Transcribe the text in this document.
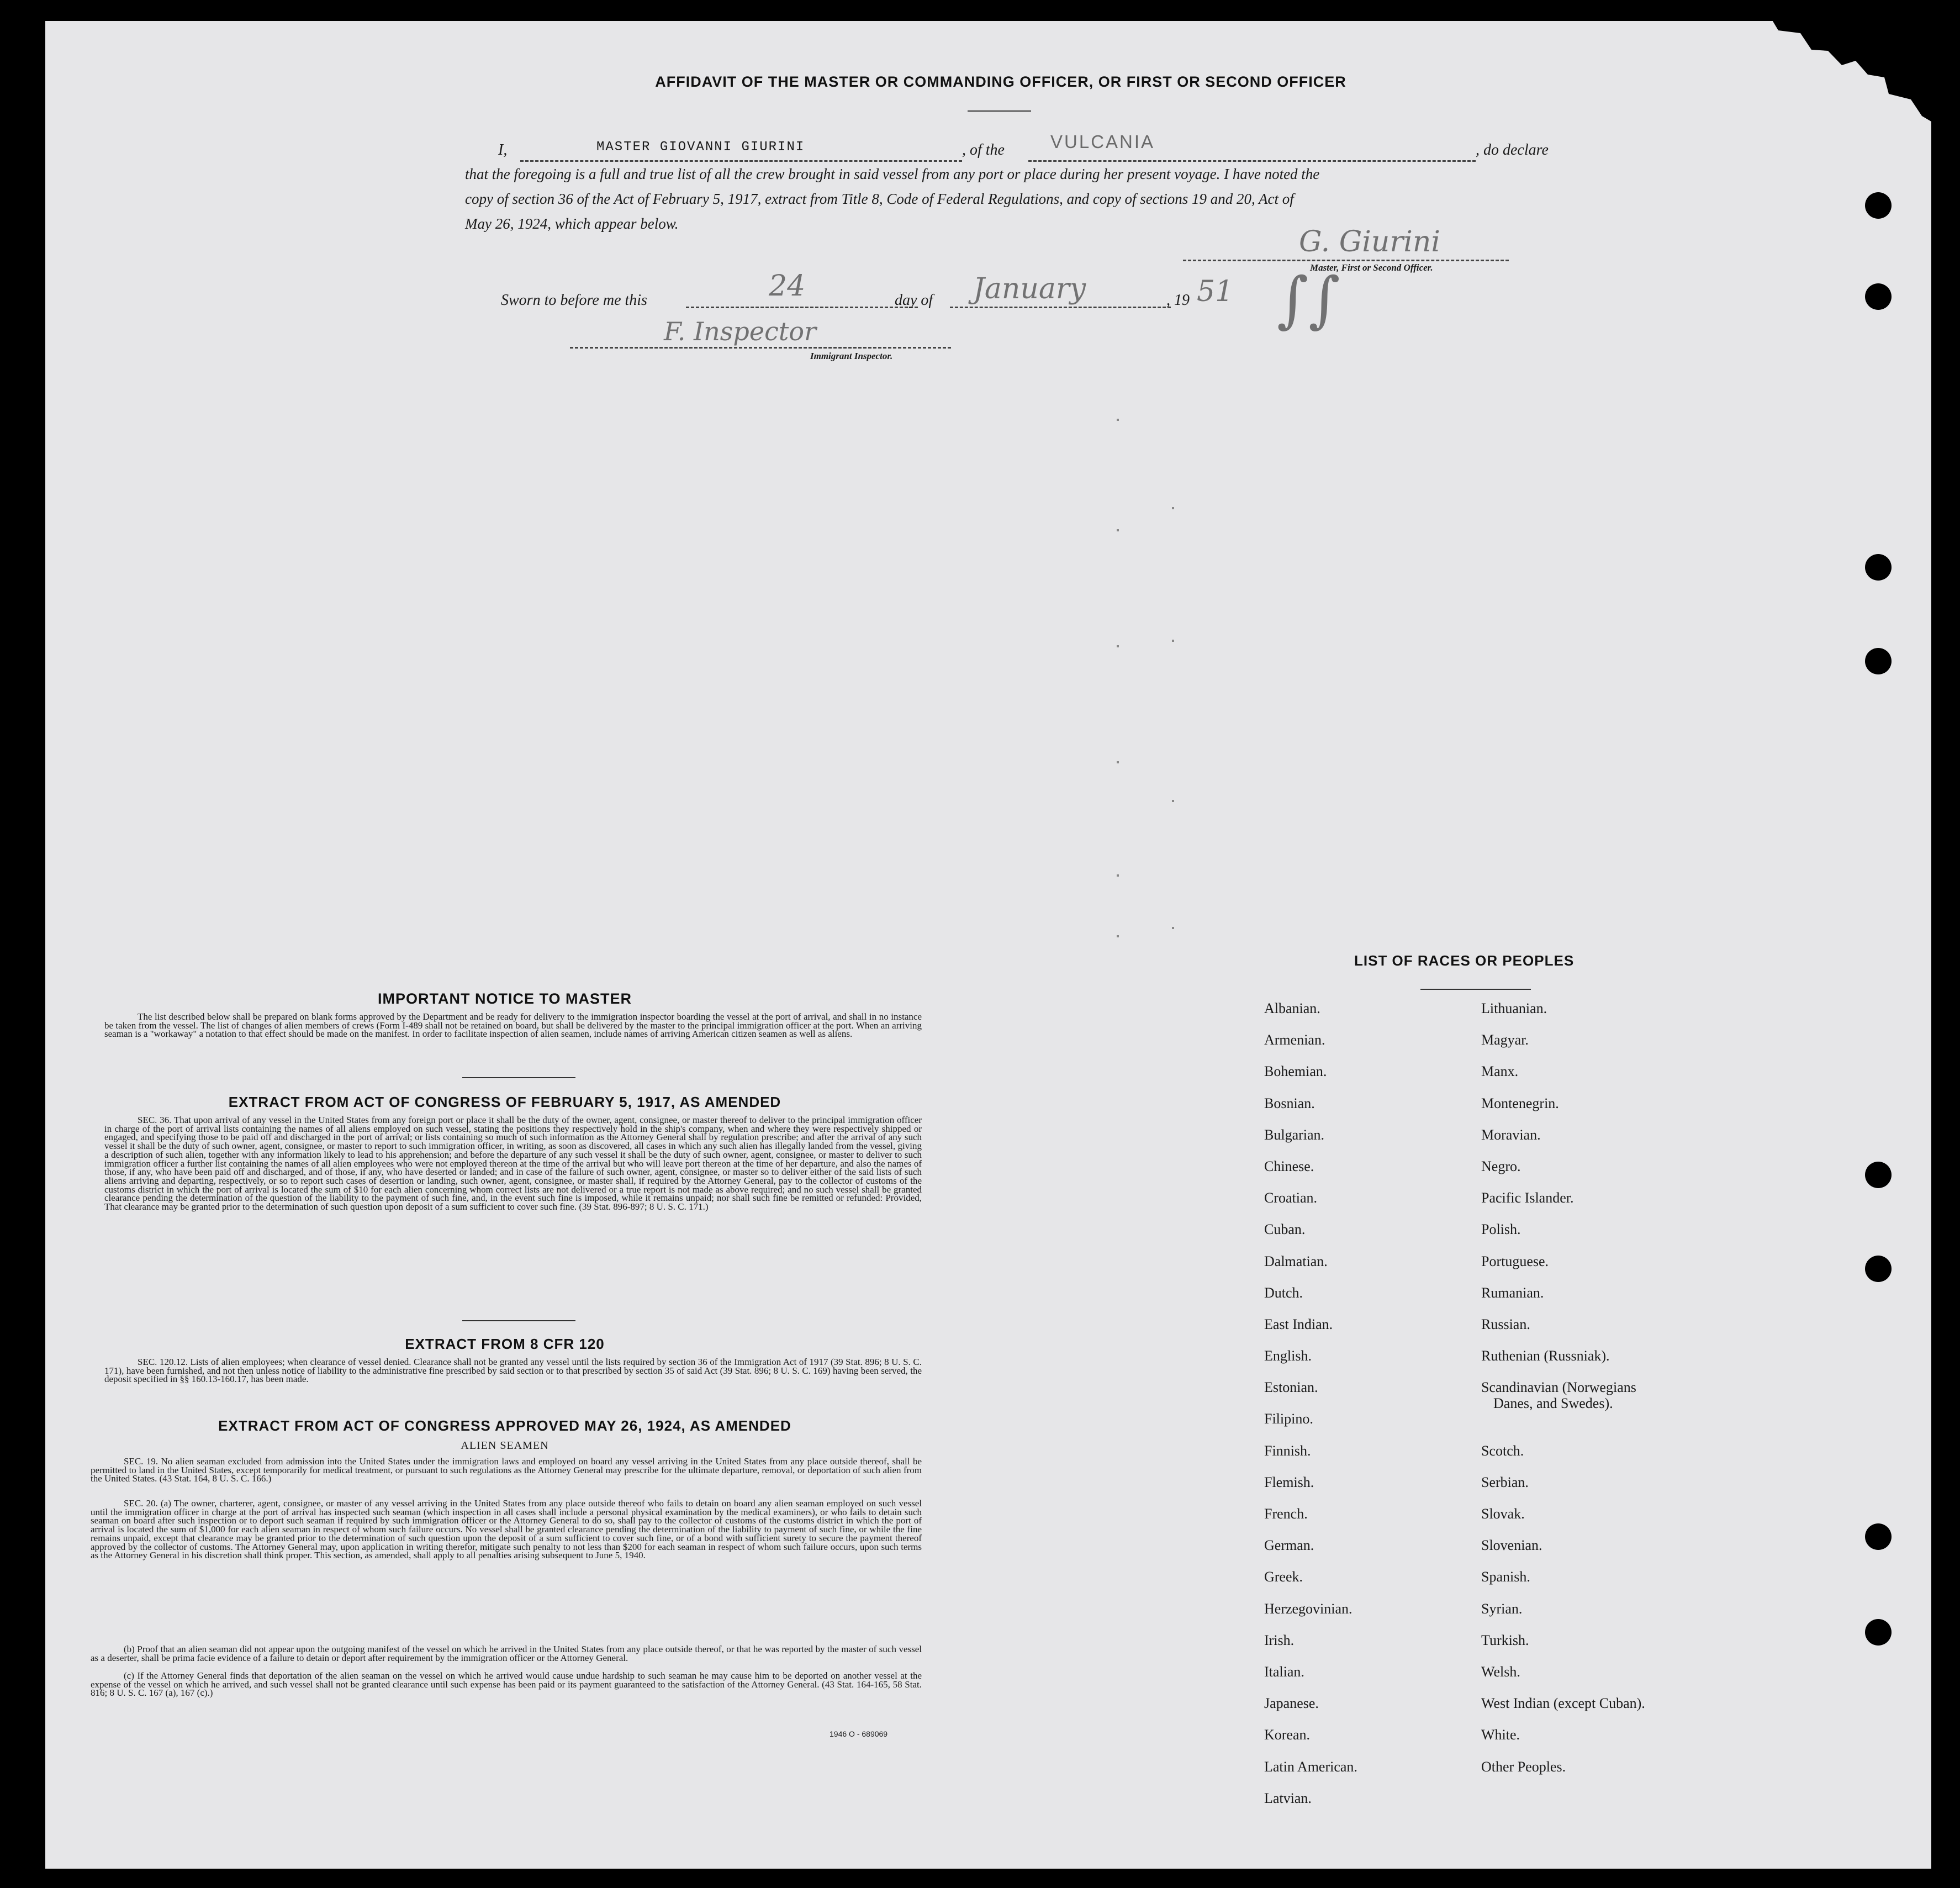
AFFIDAVIT OF THE MASTER OR COMMANDING OFFICER, OR FIRST OR SECOND OFFICER
I,	MASTER GIOVANNI GIURINI	, of the	VULCANIA	, do declare
that the foregoing is a full and true list of all the crew brought in said vessel from any port or place during her present voyage. I have noted the
copy of section 36 of the Act of February 5, 1917, extract from Title 8, Code of Federal Regulations, and copy of sections 19 and 20, Act of
May 26, 1924, which appear below.
G. Giurini
Master, First or Second Officer.
Sworn to before me this	24	day of January	, 19 51 ∫∫
F. Inspector
Immigrant Inspector.
IMPORTANT NOTICE TO MASTER
The list described below shall be prepared on blank forms approved by the Department and be ready for delivery to the immigration inspector boarding the vessel at the port of arrival, and shall in no instance be taken from the vessel. The list of changes of alien members of crews (Form I-489 shall not be retained on board, but shall be delivered by the master to the principal immigration officer at the port. When an arriving seaman is a "workaway" a notation to that effect should be made on the manifest. In order to facilitate inspection of alien seamen, include names of arriving American citizen seamen as well as aliens.
EXTRACT FROM ACT OF CONGRESS OF FEBRUARY 5, 1917, AS AMENDED
SEC. 36. That upon arrival of any vessel in the United States from any foreign port or place it shall be the duty of the owner, agent, consignee, or master thereof to deliver to the principal immigration officer in charge of the port of arrival lists containing the names of all aliens employed on such vessel, stating the positions they respectively hold in the ship's company, when and where they were respectively shipped or engaged, and specifying those to be paid off and discharged in the port of arrival; or lists containing so much of such information as the Attorney General shall by regulation prescribe; and after the arrival of any such vessel it shall be the duty of such owner, agent, consignee, or master to report to such immigration officer, in writing, as soon as discovered, all cases in which any such alien has illegally landed from the vessel, giving a description of such alien, together with any information likely to lead to his apprehension; and before the departure of any such vessel it shall be the duty of such owner, agent, consignee, or master to deliver to such immigration officer a further list containing the names of all alien employees who were not employed thereon at the time of the arrival but who will leave port thereon at the time of her departure, and also the names of those, if any, who have been paid off and discharged, and of those, if any, who have deserted or landed; and in case of the failure of such owner, agent, consignee, or master so to deliver either of the said lists of such aliens arriving and departing, respectively, or so to report such cases of desertion or landing, such owner, agent, consignee, or master shall, if required by the Attorney General, pay to the collector of customs of the customs district in which the port of arrival is located the sum of $10 for each alien concerning whom correct lists are not delivered or a true report is not made as above required; and no such vessel shall be granted clearance pending the determination of the question of the liability to the payment of such fine, and, in the event such fine is imposed, while it remains unpaid; nor shall such fine be remitted or refunded: Provided, That clearance may be granted prior to the determination of such question upon deposit of a sum sufficient to cover such fine. (39 Stat. 896-897; 8 U. S. C. 171.)
EXTRACT FROM 8 CFR 120
SEC. 120.12. Lists of alien employees; when clearance of vessel denied. Clearance shall not be granted any vessel until the lists required by section 36 of the Immigration Act of 1917 (39 Stat. 896; 8 U. S. C. 171), have been furnished, and not then unless notice of liability to the administrative fine prescribed by said section or to that prescribed by section 35 of said Act (39 Stat. 896; 8 U. S. C. 169) having been served, the deposit specified in §§ 160.13-160.17, has been made.
EXTRACT FROM ACT OF CONGRESS APPROVED MAY 26, 1924, AS AMENDED
ALIEN SEAMEN
SEC. 19. No alien seaman excluded from admission into the United States under the immigration laws and employed on board any vessel arriving in the United States from any place outside thereof, shall be permitted to land in the United States, except temporarily for medical treatment, or pursuant to such regulations as the Attorney General may prescribe for the ultimate departure, removal, or deportation of such alien from the United States. (43 Stat. 164, 8 U. S. C. 166.)
SEC. 20. (a) The owner, charterer, agent, consignee, or master of any vessel arriving in the United States from any place outside thereof who fails to detain on board any alien seaman employed on such vessel until the immigration officer in charge at the port of arrival has inspected such seaman (which inspection in all cases shall include a personal physical examination by the medical examiners), or who fails to detain such seaman on board after such inspection or to deport such seaman if required by such immigration officer or the Attorney General to do so, shall pay to the collector of customs of the customs district in which the port of arrival is located the sum of $1,000 for each alien seaman in respect of whom such failure occurs. No vessel shall be granted clearance pending the determination of the liability to payment of such fine, or while the fine remains unpaid, except that clearance may be granted prior to the determination of such question upon the deposit of a sum sufficient to cover such fine, or of a bond with sufficient surety to secure the payment thereof approved by the collector of customs. The Attorney General may, upon application in writing therefor, mitigate such penalty to not less than $200 for each seaman in respect of whom such failure occurs, upon such terms as the Attorney General in his discretion shall think proper. This section, as amended, shall apply to all penalties arising subsequent to June 5, 1940.
(b) Proof that an alien seaman did not appear upon the outgoing manifest of the vessel on which he arrived in the United States from any place outside thereof, or that he was reported by the master of such vessel as a deserter, shall be prima facie evidence of a failure to detain or deport after requirement by the immigration officer or the Attorney General.
(c) If the Attorney General finds that deportation of the alien seaman on the vessel on which he arrived would cause undue hardship to such seaman he may cause him to be deported on another vessel at the expense of the vessel on which he arrived, and such vessel shall not be granted clearance until such expense has been paid or its payment guaranteed to the satisfaction of the Attorney General. (43 Stat. 164-165, 58 Stat. 816; 8 U. S. C. 167 (a), 167 (c).)
1946 O - 689069
LIST OF RACES OR PEOPLES
Albanian.
Armenian.
Bohemian.
Bosnian.
Bulgarian.
Chinese.
Croatian.
Cuban.
Dalmatian.
Dutch.
East Indian.
English.
Estonian.
Filipino.
Finnish.
Flemish.
French.
German.
Greek.
Herzegovinian.
Irish.
Italian.
Japanese.
Korean.
Latin American.
Latvian.
Lithuanian.
Magyar.
Manx.
Montenegrin.
Moravian.
Negro.
Pacific Islander.
Polish.
Portuguese.
Rumanian.
Russian.
Ruthenian (Russniak).
Scandinavian (Norwegians
Danes, and Swedes).
Scotch.
Serbian.
Slovak.
Slovenian.
Spanish.
Syrian.
Turkish.
Welsh.
West Indian (except Cuban).
White.
Other Peoples.
